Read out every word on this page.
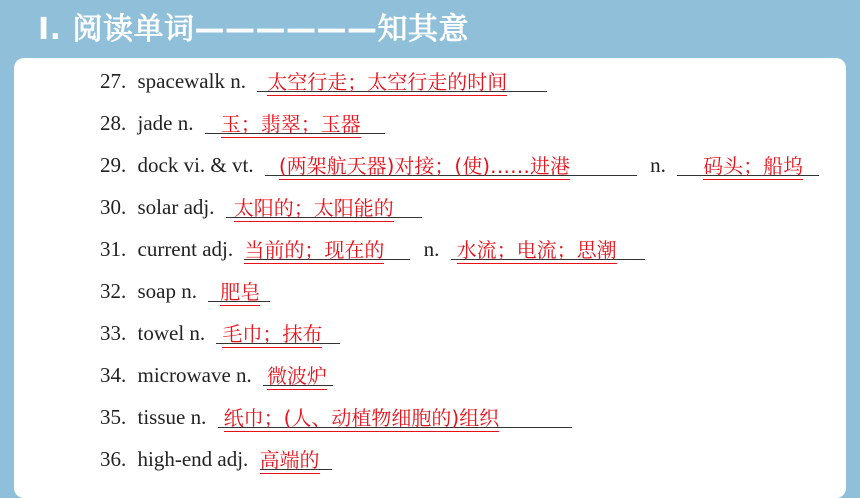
Ⅰ. 阅读单词——————知其意
27. spacewalk n. 太空行走；太空行走的时间
28. jade n. 玉；翡翠；玉器
29. dock vi. & vt. (两架航天器)对接；(使)……进港	n. 码头；船坞
30. solar adj. 太阳的；太阳能的
31. current adj. 当前的；现在的 n. 水流；电流；思潮
32. soap n. 肥皂
33. towel n. 毛巾；抹布
34. microwave n. 微波炉
35. tissue n. 纸巾；(人、动植物细胞的)组织
36. high-end adj. 高端的
